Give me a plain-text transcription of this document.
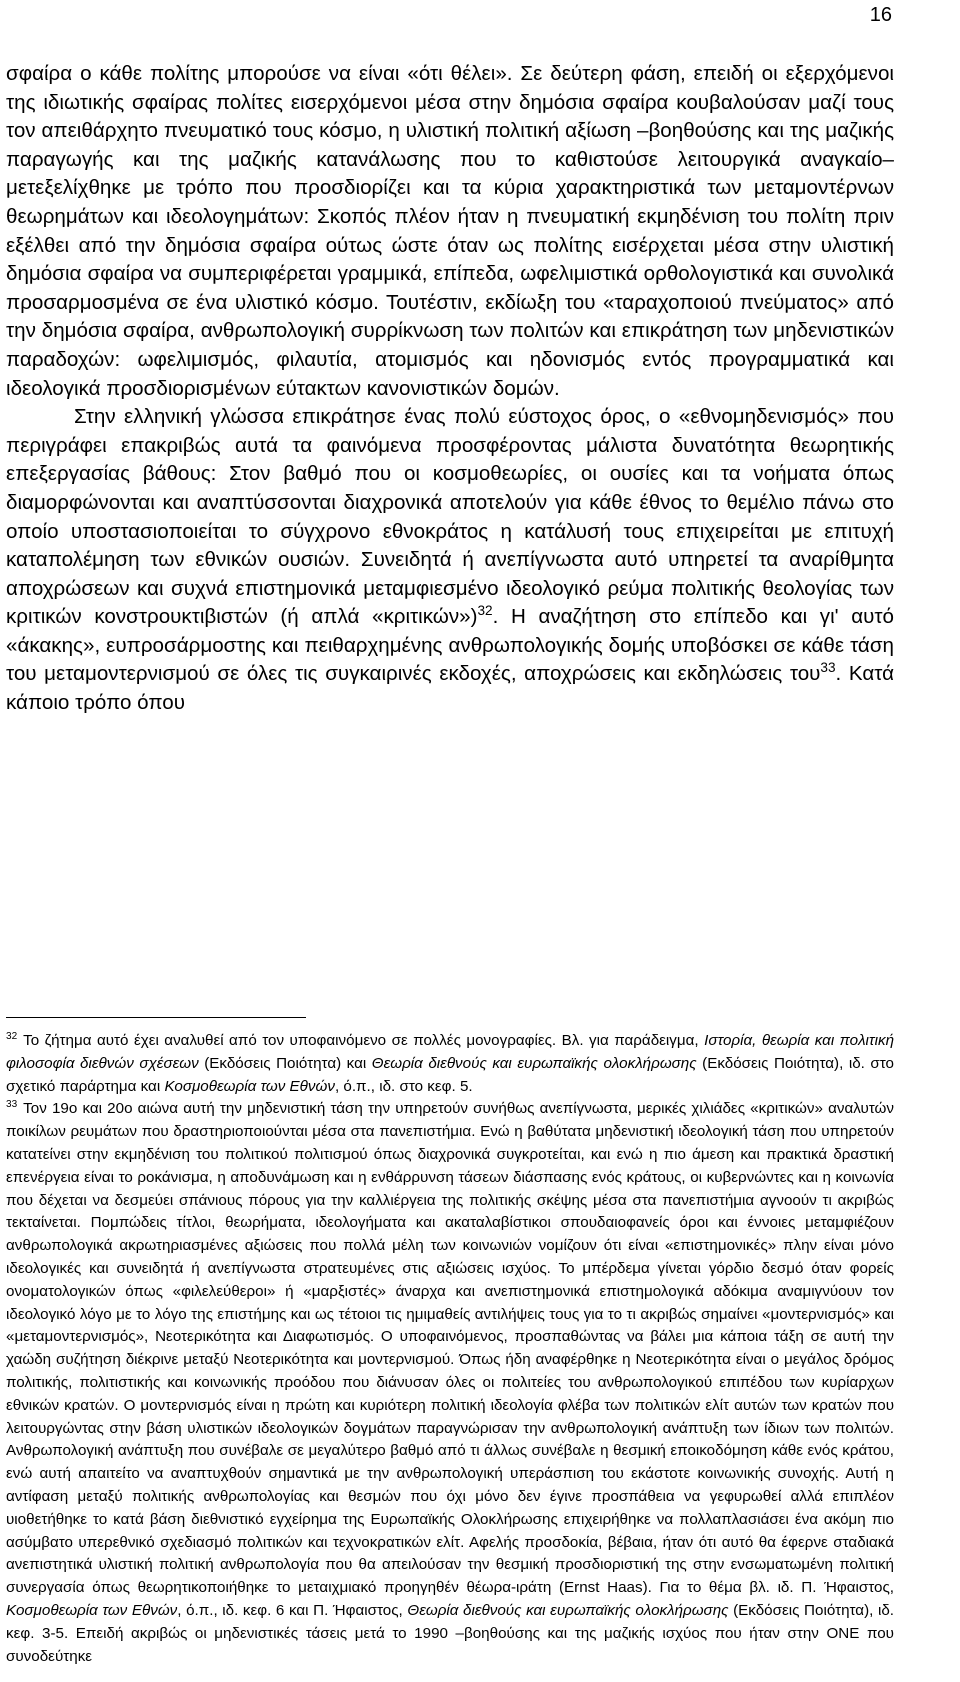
16

σφαίρα ο κάθε πολίτης μπορούσε να είναι «ότι θέλει». Σε δεύτερη φάση, επειδή οι εξερχόμενοι της ιδιωτικής σφαίρας πολίτες εισερχόμενοι μέσα στην δημόσια σφαίρα κουβαλούσαν μαζί τους τον απειθάρχητο πνευματικό τους κόσμο, η υλιστική πολιτική αξίωση –βοηθούσης και της μαζικής παραγωγής και της μαζικής κατανάλωσης που το καθιστούσε λειτουργικά αναγκαίο– μετεξελίχθηκε με τρόπο που προσδιορίζει και τα κύρια χαρακτηριστικά των μεταμοντέρνων θεωρημάτων και ιδεολογημάτων: Σκοπός πλέον ήταν η πνευματική εκμηδένιση του πολίτη πριν εξέλθει από την δημόσια σφαίρα ούτως ώστε όταν ως πολίτης εισέρχεται μέσα στην υλιστική δημόσια σφαίρα να συμπεριφέρεται γραμμικά, επίπεδα, ωφελιμιστικά ορθολογιστικά και συνολικά προσαρμοσμένα σε ένα υλιστικό κόσμο. Τουτέστιν, εκδίωξη του «ταραχοποιού πνεύματος» από την δημόσια σφαίρα, ανθρωπολογική συρρίκνωση των πολιτών και επικράτηση των μηδενιστικών παραδοχών: ωφελιμισμός, φιλαυτία, ατομισμός και ηδονισμός εντός προγραμματικά και ιδεολογικά προσδιορισμένων εύτακτων κανονιστικών δομών.

Στην ελληνική γλώσσα επικράτησε ένας πολύ εύστοχος όρος, ο «εθνομηδενισμός» που περιγράφει επακριβώς αυτά τα φαινόμενα προσφέροντας μάλιστα δυνατότητα θεωρητικής επεξεργασίας βάθους: Στον βαθμό που οι κοσμοθεωρίες, οι ουσίες και τα νοήματα όπως διαμορφώνονται και αναπτύσσονται διαχρονικά αποτελούν για κάθε έθνος το θεμέλιο πάνω στο οποίο υποστασιοποιείται το σύγχρονο εθνοκράτος η κατάλυσή τους επιχειρείται με επιτυχή καταπολέμηση των εθνικών ουσιών. Συνειδητά ή ανεπίγνωστα αυτό υπηρετεί τα αναρίθμητα αποχρώσεων και συχνά επιστημονικά μεταμφιεσμένο ιδεολογικό ρεύμα πολιτικής θεολογίας των κριτικών κονστρουκτιβιστών (ή απλά «κριτικών»)$^{32}$. Η αναζήτηση στο επίπεδο και γι' αυτό «άκακης», ευπροσάρμοστης και πειθαρχημένης ανθρωπολογικής δομής υποβόσκει σε κάθε τάση του μεταμοντερνισμού σε όλες τις συγκαιρινές εκδοχές, αποχρώσεις και εκδηλώσεις του$^{33}$. Κατά κάποιο τρόπο όπου

$^{32}$ Το ζήτημα αυτό έχει αναλυθεί από τον υποφαινόμενο σε πολλές μονογραφίες. Βλ. για παράδειγμα, Ιστορία, θεωρία και πολιτική φιλοσοφία διεθνών σχέσεων (Εκδόσεις Ποιότητα) και Θεωρία διεθνούς και ευρωπαϊκής ολοκλήρωσης (Εκδόσεις Ποιότητα), ιδ. στο σχετικό παράρτημα και Κοσμοθεωρία των Εθνών, ό.π., ιδ. στο κεφ. 5.

$^{33}$ Τον 19ο και 20ο αιώνα αυτή την μηδενιστική τάση την υπηρετούν συνήθως ανεπίγνωστα, μερικές χιλιάδες «κριτικών» αναλυτών ποικίλων ρευμάτων που δραστηριοποιούνται μέσα στα πανεπιστήμια. Ενώ η βαθύτατα μηδενιστική ιδεολογική τάση που υπηρετούν κατατείνει στην εκμηδένιση του πολιτικού πολιτισμού όπως διαχρονικά συγκροτείται, και ενώ η πιο άμεση και πρακτικά δραστική επενέργεια είναι το ροκάνισμα, η αποδυνάμωση και η ενθάρρυνση τάσεων διάσπασης ενός κράτους, οι κυβερνώντες και η κοινωνία που δέχεται να δεσμεύει σπάνιους πόρους για την καλλιέργεια της πολιτικής σκέψης μέσα στα πανεπιστήμια αγνοούν τι ακριβώς τεκταίνεται. Πομπώδεις τίτλοι, θεωρήματα, ιδεολογήματα και ακαταλαβίστικοι σπουδαιοφανείς όροι και έννοιες μεταμφιέζουν ανθρωπολογικά ακρωτηριασμένες αξιώσεις που πολλά μέλη των κοινωνιών νομίζουν ότι είναι «επιστημονικές» πλην είναι μόνο ιδεολογικές και συνειδητά ή ανεπίγνωστα στρατευμένες στις αξιώσεις ισχύος. Το μπέρδεμα γίνεται γόρδιο δεσμό όταν φορείς ονοματολογικών όπως «φιλελεύθεροι» ή «μαρξιστές» άναρχα και ανεπιστημονικά επιστημολογικά αδόκιμα αναμιγνύουν τον ιδεολογικό λόγο με το λόγο της επιστήμης και ως τέτοιοι τις ημιμαθείς αντιλήψεις τους για το τι ακριβώς σημαίνει «μοντερνισμός» και «μεταμοντερνισμός», Νεοτερικότητα και Διαφωτισμός. Ο υποφαινόμενος, προσπαθώντας να βάλει μια κάποια τάξη σε αυτή την χαώδη συζήτηση διέκρινε μεταξύ Νεοτερικότητα και μοντερνισμού. Όπως ήδη αναφέρθηκε η Νεοτερικότητα είναι ο μεγάλος δρόμος πολιτικής, πολιτιστικής και κοινωνικής προόδου που διάνυσαν όλες οι πολιτείες του ανθρωπολογικού επιπέδου των κυρίαρχων εθνικών κρατών. Ο μοντερνισμός είναι η πρώτη και κυριότερη πολιτική ιδεολογία φλέβα των πολιτικών ελίτ αυτών των κρατών που λειτουργώντας στην βάση υλιστικών ιδεολογικών δογμάτων παραγνώρισαν την ανθρωπολογική ανάπτυξη των ίδιων των πολιτών. Ανθρωπολογική ανάπτυξη που συνέβαλε σε μεγαλύτερο βαθμό από τι άλλως συνέβαλε η θεσμική εποικοδόμηση κάθε ενός κράτου, ενώ αυτή απαιτείτο να αναπτυχθούν σημαντικά με την ανθρωπολογική υπεράσπιση του εκάστοτε κοινωνικής συνοχής. Αυτή η αντίφαση μεταξύ πολιτικής ανθρωπολογίας και θεσμών που όχι μόνο δεν έγινε προσπάθεια να γεφυρωθεί αλλά επιπλέον υιοθετήθηκε το κατά βάση διεθνιστικό εγχείρημα της Ευρωπαϊκής Ολοκλήρωσης επιχειρήθηκε να πολλαπλασιάσει ένα ακόμη πιο ασύμβατο υπερεθνικό σχεδιασμό πολιτικών και τεχνοκρατικών ελίτ. Αφελής προσδοκία, βέβαια, ήταν ότι αυτό θα έφερνε σταδιακά ανεπιστητικά υλιστική πολιτική ανθρωπολογία που θα απειλούσαν την θεσμική προσδιοριστική της στην ενσωματωμένη πολιτική συνεργασία όπως θεωρητικοποιήθηκε το μεταιχμιακό προηγηθέν θέωρα-ιράτη (Ernst Haas). Για το θέμα βλ. ιδ. Π. Ήφαιστος, Κοσμοθεωρία των Εθνών, ό.π., ιδ. κεφ. 6 και Π. Ήφαιστος, Θεωρία διεθνούς και ευρωπαϊκής ολοκλήρωσης (Εκδόσεις Ποιότητα), ιδ. κεφ. 3-5. Επειδή ακριβώς οι μηδενιστικές τάσεις μετά το 1990 –βοηθούσης και της μαζικής ισχύος που ήταν στην ΟΝΕ που συνοδεύτηκε
